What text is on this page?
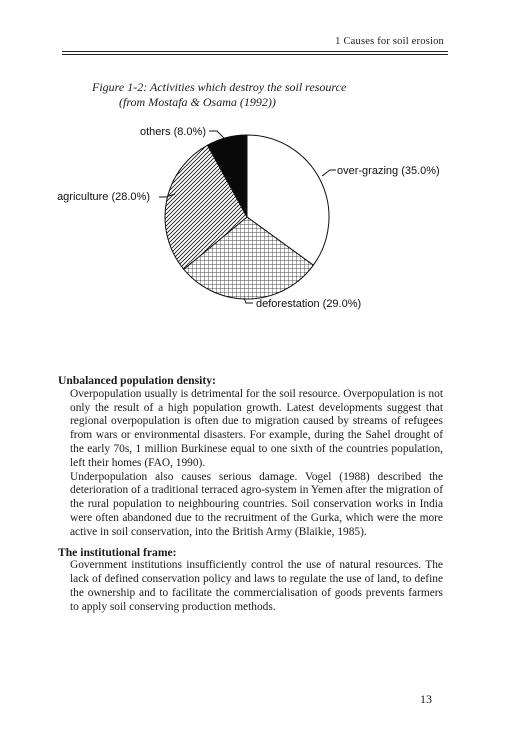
1 Causes for soil erosion
Figure 1-2: Activities which destroy the soil resource
(from Mostafa & Osama (1992))
over-grazing (35.0%)
deforestation (29.0%)
agriculture (28.0%)
others (8.0%)

Unbalanced population density:

Overpopulation usually is detrimental for the soil resource. Overpopulation is not only the result of a high population growth. Latest developments suggest that regional overpopulation is often due to migration caused by streams of refugees from wars or environmental disasters. For example, during the Sahel drought of the early 70s, 1 million Burkinese equal to one sixth of the countries population, left their homes (FAO, 1990).

Underpopulation also causes serious damage. Vogel (1988) described the deterioration of a traditional terraced agro-system in Yemen after the migration of the rural population to neighbouring countries. Soil conservation works in India were often abandoned due to the recruitment of the Gurka, which were the more active in soil conservation, into the British Army (Blaikie, 1985).

The institutional frame:

Government institutions insufficiently control the use of natural resources. The lack of defined conservation policy and laws to regulate the use of land, to define the ownership and to facilitate the commercialisation of goods prevents farmers to apply soil conserving production methods.

13
